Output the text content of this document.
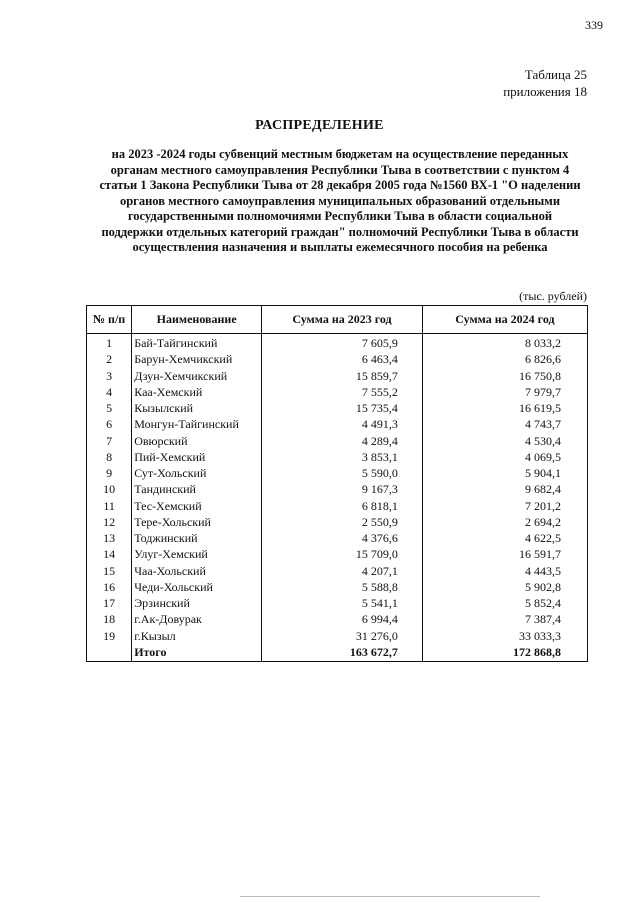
339
Таблица 25
приложения 18
РАСПРЕДЕЛЕНИЕ
на 2023 -2024 годы субвенций местным бюджетам на осуществление переданных
органам местного самоуправления Республики Тыва в соответствии с пунктом 4
статьи 1 Закона Республики Тыва от 28 декабря 2005 года №1560 ВХ-1 "О наделении
органов местного самоуправления муниципальных образований отдельными
государственными полномочиями Республики Тыва в области социальной
поддержки отдельных категорий граждан" полномочий Республики Тыва в области
осуществления назначения и выплаты ежемесячного пособия на ребенка
(тыс. рублей)
№ п/п	Наименование	Сумма на 2023 год	Сумма на 2024 год
1	Бай-Тайгинский	7 605,9	8 033,2
2	Барун-Хемчикский	6 463,4	6 826,6
3	Дзун-Хемчикский	15 859,7	16 750,8
4	Каа-Хемский	7 555,2	7 979,7
5	Кызылский	15 735,4	16 619,5
6	Монгун-Тайгинский	4 491,3	4 743,7
7	Овюрский	4 289,4	4 530,4
8	Пий-Хемский	3 853,1	4 069,5
9	Сут-Хольский	5 590,0	5 904,1
10	Тандинский	9 167,3	9 682,4
11	Тес-Хемский	6 818,1	7 201,2
12	Тере-Хольский	2 550,9	2 694,2
13	Тоджинский	4 376,6	4 622,5
14	Улуг-Хемский	15 709,0	16 591,7
15	Чаа-Хольский	4 207,1	4 443,5
16	Чеди-Хольский	5 588,8	5 902,8
17	Эрзинский	5 541,1	5 852,4
18	г.Ак-Довурак	6 994,4	7 387,4
19	г.Кызыл	31 276,0	33 033,3
	Итого	163 672,7	172 868,8
